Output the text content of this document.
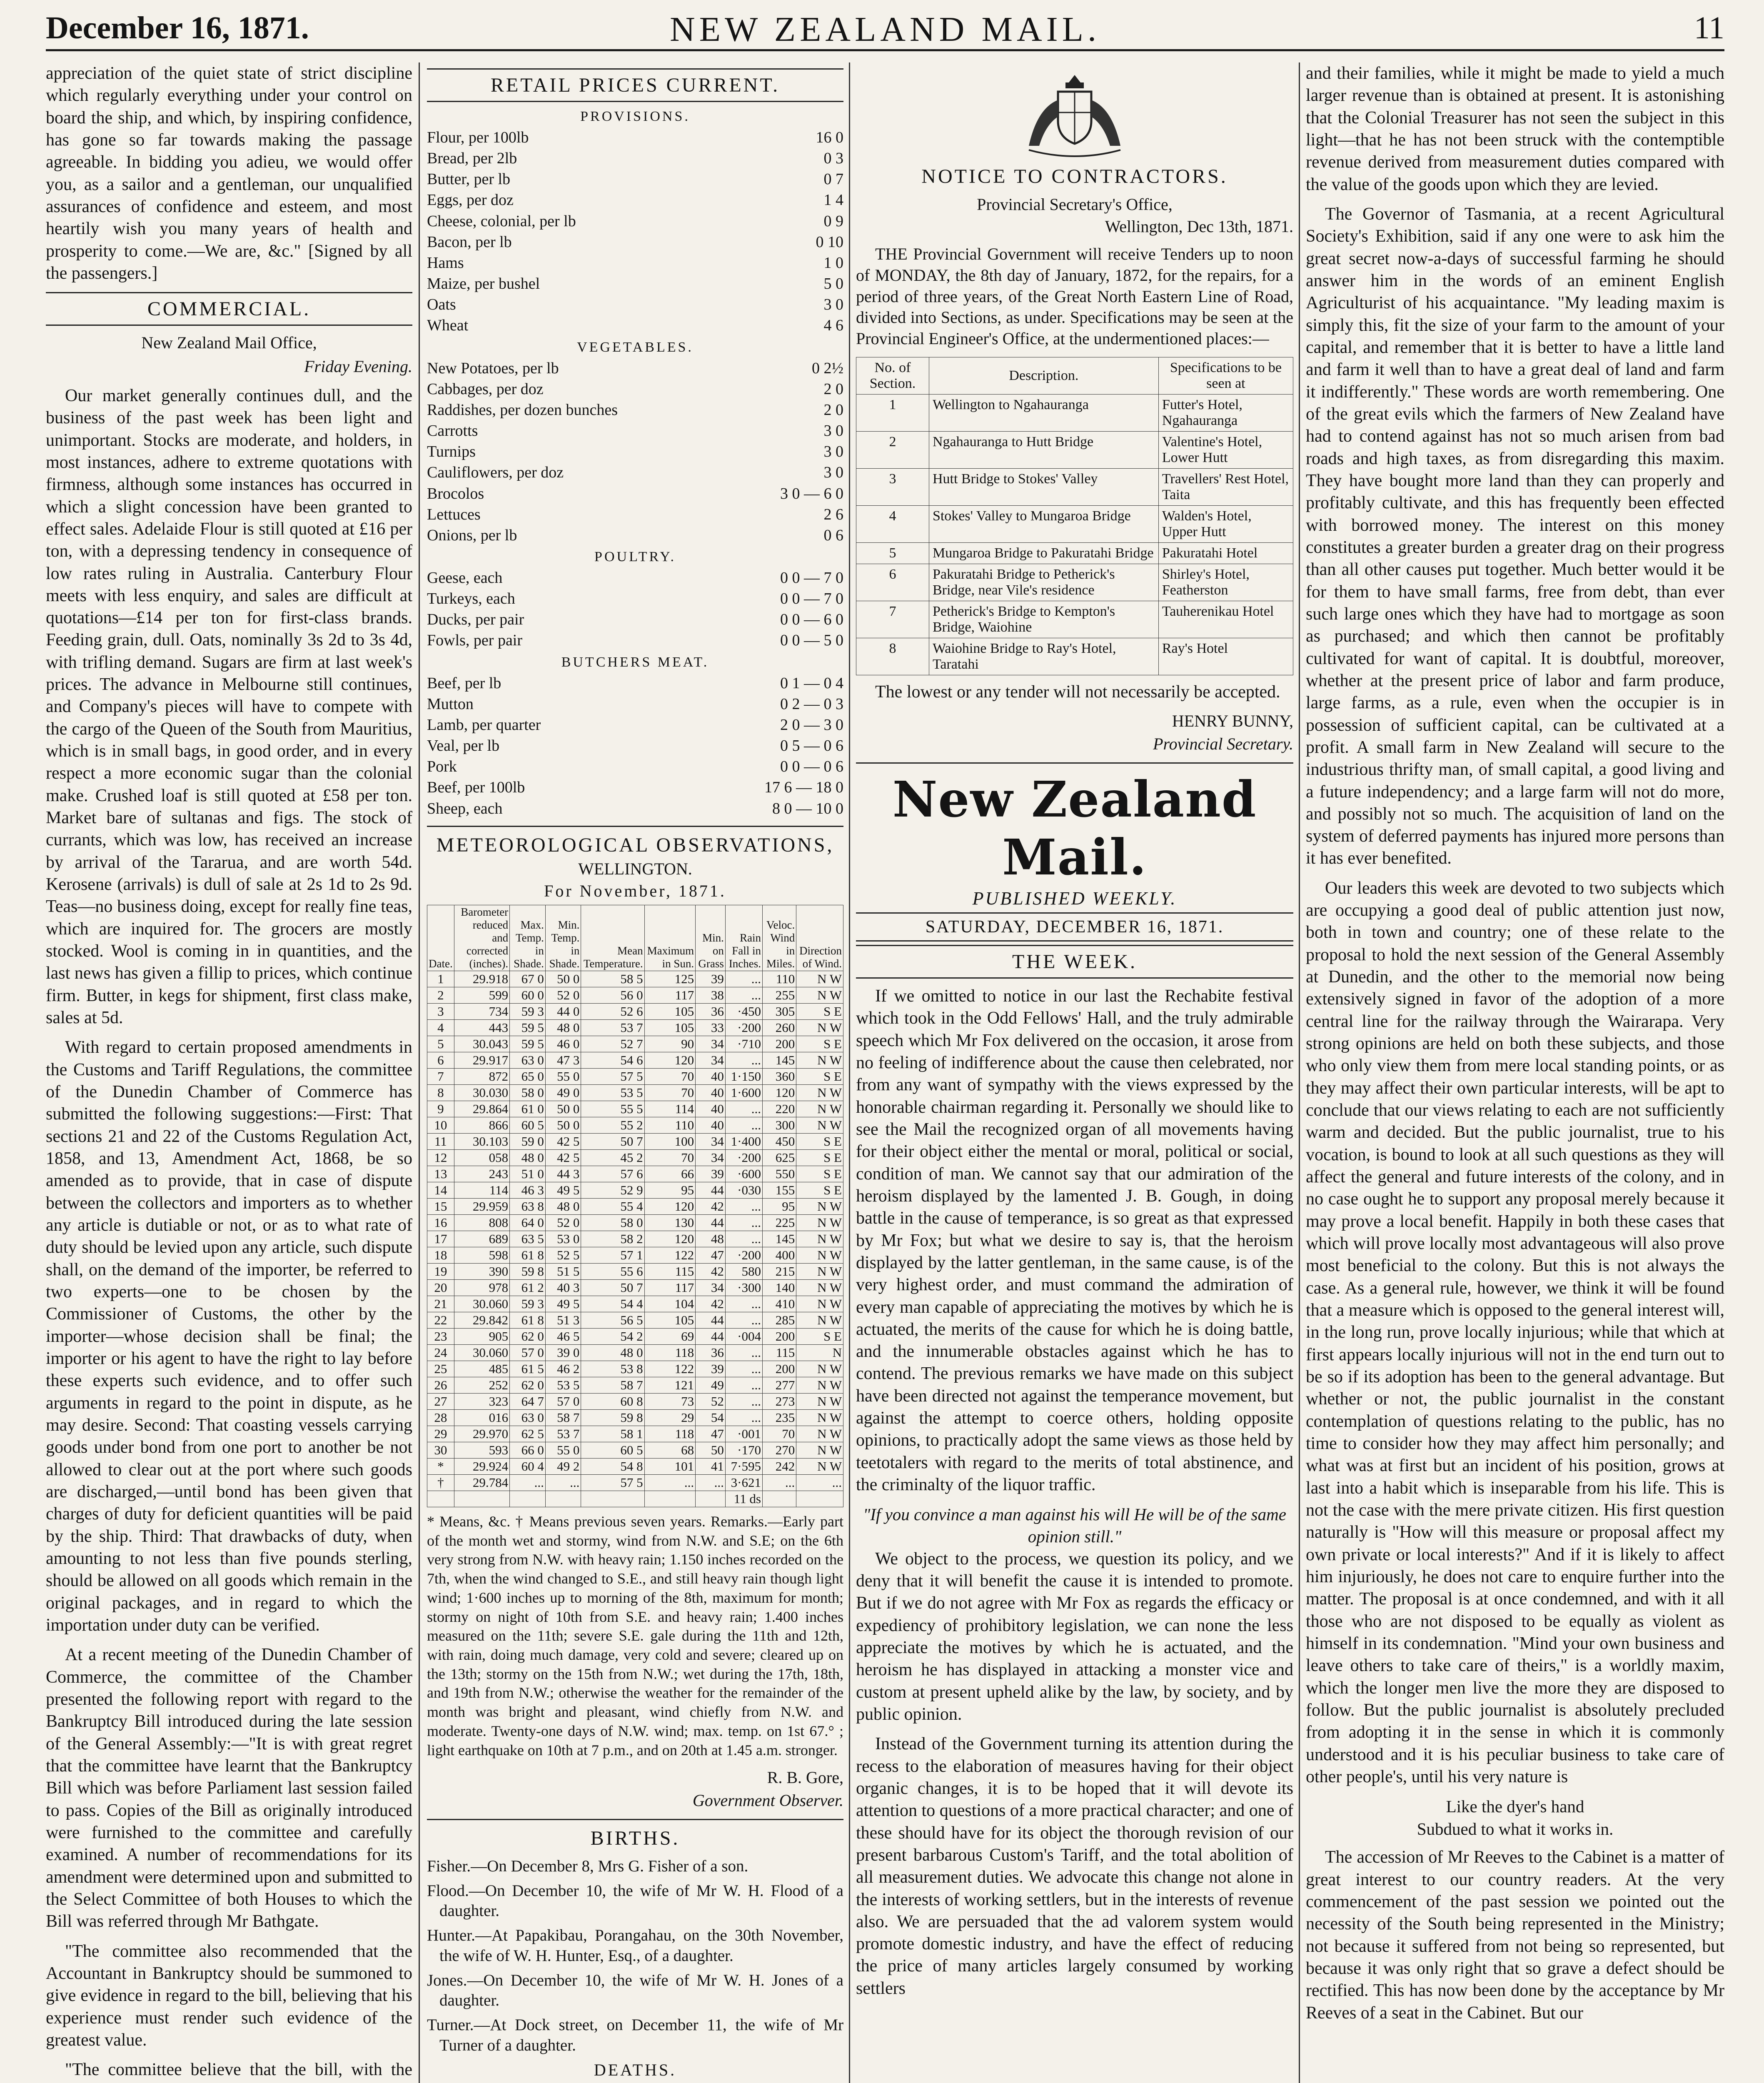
December 16, 1871.	NEW ZEALAND MAIL.	11

appreciation of the quiet state of strict discipline which regularly everything under your control on board the ship, and which, by inspiring confidence, has gone so far towards making the passage agreeable. In bidding you adieu, we would offer you, as a sailor and a gentleman, our unqualified assurances of confidence and esteem, and most heartily wish you many years of health and prosperity to come.—We are, &c." [Signed by all the passengers.]

COMMERCIAL.

New Zealand Mail Office,

Friday Evening.

Our market generally continues dull, and the business of the past week has been light and unimportant. Stocks are moderate, and holders, in most instances, adhere to extreme quotations with firmness, although some instances has occurred in which a slight concession have been granted to effect sales. Adelaide Flour is still quoted at £16 per ton, with a depressing tendency in consequence of low rates ruling in Australia. Canterbury Flour meets with less enquiry, and sales are difficult at quotations—£14 per ton for first-class brands. Feeding grain, dull. Oats, nominally 3s 2d to 3s 4d, with trifling demand. Sugars are firm at last week's prices. The advance in Melbourne still continues, and Company's pieces will have to compete with the cargo of the Queen of the South from Mauritius, which is in small bags, in good order, and in every respect a more economic sugar than the colonial make. Crushed loaf is still quoted at £58 per ton. Market bare of sultanas and figs. The stock of currants, which was low, has received an increase by arrival of the Tararua, and are worth 54d. Kerosene (arrivals) is dull of sale at 2s 1d to 2s 9d. Teas—no business doing, except for really fine teas, which are inquired for. The grocers are mostly stocked. Wool is coming in in quantities, and the last news has given a fillip to prices, which continue firm. Butter, in kegs for shipment, first class make, sales at 5d.

With regard to certain proposed amendments in the Customs and Tariff Regulations, the committee of the Dunedin Chamber of Commerce has submitted the following suggestions:—First: That sections 21 and 22 of the Customs Regulation Act, 1858, and 13, Amendment Act, 1868, be so amended as to provide, that in case of dispute between the collectors and importers as to whether any article is dutiable or not, or as to what rate of duty should be levied upon any article, such dispute shall, on the demand of the importer, be referred to two experts—one to be chosen by the Commissioner of Customs, the other by the importer—whose decision shall be final; the importer or his agent to have the right to lay before these experts such evidence, and to offer such arguments in regard to the point in dispute, as he may desire. Second: That coasting vessels carrying goods under bond from one port to another be not allowed to clear out at the port where such goods are discharged,—until bond has been given that charges of duty for deficient quantities will be paid by the ship. Third: That drawbacks of duty, when amounting to not less than five pounds sterling, should be allowed on all goods which remain in the original packages, and in regard to which the importation under duty can be verified.

At a recent meeting of the Dunedin Chamber of Commerce, the committee of the Chamber presented the following report with regard to the Bankruptcy Bill introduced during the late session of the General Assembly:—"It is with great regret that the committee have learnt that the Bankruptcy Bill which was before Parliament last session failed to pass. Copies of the Bill as originally introduced were furnished to the committee and carefully examined. A number of recommendations for its amendment were determined upon and submitted to the Select Committee of both Houses to which the Bill was referred through Mr Bathgate.

"The committee also recommended that the Accountant in Bankruptcy should be summoned to give evidence in regard to the bill, believing that his experience must render such evidence of the greatest value.

"The committee believe that the bill, with the

RETAIL PRICES CURRENT.
PROVISIONS.
Flour, per 100lb	16 0
Bread, per 2lb	0 3
Butter, per lb	0 7
Eggs, per doz	1 4
Cheese, colonial, per lb	0 9
Bacon, per lb	0 10
Hams	1 0
Maize, per bushel	5 0
Oats	3 0
Wheat	4 6
VEGETABLES.
New Potatoes, per lb	0 2½
Cabbages, per doz	2 0
Raddishes, per dozen bunches	2 0
Carrotts	3 0
Turnips	3 0
Cauliflowers, per doz	3 0
Brocolos	3 0 — 6 0
Lettuces	2 6
Onions, per lb	0 6
POULTRY.
Geese, each	0 0 — 7 0
Turkeys, each	0 0 — 7 0
Ducks, per pair	0 0 — 6 0
Fowls, per pair	0 0 — 5 0
BUTCHERS MEAT.
Beef, per lb	0 1 — 0 4
Mutton	0 2 — 0 3
Lamb, per quarter	2 0 — 3 0
Veal, per lb	0 5 — 0 6
Pork	0 0 — 0 6
Beef, per 100lb	17 6 — 18 0
Sheep, each	8 0 — 10 0
METEOROLOGICAL OBSERVATIONS,
WELLINGTON.
For November, 1871.
Date.	Barometer reduced and corrected (inches).	Max. Temp. in Shade.	Min. Temp. in Shade.	Mean Temperature.	Maximum in Sun.	Min. on Grass	Rain Fall in Inches.	Veloc. Wind in Miles.	Direction of Wind.
1	29.918	67 0	50 0	58 5	125	39	...	110	N W
2	599	60 0	52 0	56 0	117	38	...	255	N W
3	734	59 3	44 0	52 6	105	36	·450	305	S E
4	443	59 5	48 0	53 7	105	33	·200	260	N W
5	30.043	59 5	46 0	52 7	90	34	·710	200	S E
6	29.917	63 0	47 3	54 6	120	34	...	145	N W
7	872	65 0	55 0	57 5	70	40	1·150	360	S E
8	30.030	58 0	49 0	53 5	70	40	1·600	120	N W
9	29.864	61 0	50 0	55 5	114	40	...	220	N W
10	866	60 5	50 0	55 2	110	40	...	300	N W
11	30.103	59 0	42 5	50 7	100	34	1·400	450	S E
12	058	48 0	42 5	45 2	70	34	·200	625	S E
13	243	51 0	44 3	57 6	66	39	·600	550	S E
14	114	46 3	49 5	52 9	95	44	·030	155	S E
15	29.959	63 8	48 0	55 4	120	42	...	95	N W
16	808	64 0	52 0	58 0	130	44	...	225	N W
17	689	63 5	53 0	58 2	120	48	...	145	N W
18	598	61 8	52 5	57 1	122	47	·200	400	N W
19	390	59 8	51 5	55 6	115	42	580	215	N W
20	978	61 2	40 3	50 7	117	34	·300	140	N W
21	30.060	59 3	49 5	54 4	104	42	...	410	N W
22	29.842	61 8	51 3	56 5	105	44	...	285	N W
23	905	62 0	46 5	54 2	69	44	·004	200	S E
24	30.060	57 0	39 0	48 0	118	36	...	115	N
25	485	61 5	46 2	53 8	122	39	...	200	N W
26	252	62 0	53 5	58 7	121	49	...	277	N W
27	323	64 7	57 0	60 8	73	52	...	273	N W
28	016	63 0	58 7	59 8	29	54	...	235	N W
29	29.970	62 5	53 7	58 1	118	47	·001	70	N W
30	593	66 0	55 0	60 5	68	50	·170	270	N W
*	29.924	60 4	49 2	54 8	101	41	7·595	242	N W
†	29.784	...	...	57 5	...	...	3·621	...	...
							11 ds		

* Means, &c. † Means previous seven years. Remarks.—Early part of the month wet and stormy, wind from N.W. and S.E; on the 6th very strong from N.W. with heavy rain; 1.150 inches recorded on the 7th, when the wind changed to S.E., and still heavy rain though light wind; 1·600 inches up to morning of the 8th, maximum for month; stormy on night of 10th from S.E. and heavy rain; 1.400 inches measured on the 11th; severe S.E. gale during the 11th and 12th, with rain, doing much damage, very cold and severe; cleared up on the 13th; stormy on the 15th from N.W.; wet during the 17th, 18th, and 19th from N.W.; otherwise the weather for the remainder of the month was bright and pleasant, wind chiefly from N.W. and moderate. Twenty-one days of N.W. wind; max. temp. on 1st 67.° ; light earthquake on 10th at 7 p.m., and on 20th at 1.45 a.m. stronger.

R. B. Gore,

Government Observer.

BIRTHS.

Fisher.—On December 8, Mrs G. Fisher of a son.

Flood.—On December 10, the wife of Mr W. H. Flood of a daughter.

Hunter.—At Papakibau, Porangahau, on the 30th November, the wife of W. H. Hunter, Esq., of a daughter.

Jones.—On December 10, the wife of Mr W. H. Jones of a daughter.

Turner.—At Dock street, on December 11, the wife of Mr Turner of a daughter.

DEATHS.

NOTICE TO CONTRACTORS.
Provincial Secretary's Office,
Wellington, Dec 13th, 1871.

THE Provincial Government will receive Tenders up to noon of MONDAY, the 8th day of January, 1872, for the repairs, for a period of three years, of the Great North Eastern Line of Road, divided into Sections, as under. Specifications may be seen at the Provincial Engineer's Office, at the undermentioned places:—

No. of Section.	Description.	Specifications to be seen at
1	Wellington to Ngahauranga	Futter's Hotel, Ngahauranga
2	Ngahauranga to Hutt Bridge	Valentine's Hotel, Lower Hutt
3	Hutt Bridge to Stokes' Valley	Travellers' Rest Hotel, Taita
4	Stokes' Valley to Mungaroa Bridge	Walden's Hotel, Upper Hutt
5	Mungaroa Bridge to Pakuratahi Bridge	Pakuratahi Hotel
6	Pakuratahi Bridge to Petherick's Bridge, near Vile's residence	Shirley's Hotel, Featherston
7	Petherick's Bridge to Kempton's Bridge, Waiohine	Tauherenikau Hotel
8	Waiohine Bridge to Ray's Hotel, Taratahi	Ray's Hotel

The lowest or any tender will not necessarily be accepted.

HENRY BUNNY,

Provincial Secretary.

New Zealand Mail.
PUBLISHED WEEKLY.
SATURDAY, DECEMBER 16, 1871.
THE WEEK.

If we omitted to notice in our last the Rechabite festival which took in the Odd Fellows' Hall, and the truly admirable speech which Mr Fox delivered on the occasion, it arose from no feeling of indifference about the cause then celebrated, nor from any want of sympathy with the views expressed by the honorable chairman regarding it. Personally we should like to see the Mail the recognized organ of all movements having for their object either the mental or moral, political or social, condition of man. We cannot say that our admiration of the heroism displayed by the lamented J. B. Gough, in doing battle in the cause of temperance, is so great as that expressed by Mr Fox; but what we desire to say is, that the heroism displayed by the latter gentleman, in the same cause, is of the very highest order, and must command the admiration of every man capable of appreciating the motives by which he is actuated, the merits of the cause for which he is doing battle, and the innumerable obstacles against which he has to contend. The previous remarks we have made on this subject have been directed not against the temperance movement, but against the attempt to coerce others, holding opposite opinions, to practically adopt the same views as those held by teetotalers with regard to the merits of total abstinence, and the criminalty of the liquor traffic.

"If you convince a man against his will He will be of the same opinion still."

We object to the process, we question its policy, and we deny that it will benefit the cause it is intended to promote. But if we do not agree with Mr Fox as regards the efficacy or expediency of prohibitory legislation, we can none the less appreciate the motives by which he is actuated, and the heroism he has displayed in attacking a monster vice and custom at present upheld alike by the law, by society, and by public opinion.

Instead of the Government turning its attention during the recess to the elaboration of measures having for their object organic changes, it is to be hoped that it will devote its attention to questions of a more practical character; and one of these should have for its object the thorough revision of our present barbarous Custom's Tariff, and the total abolition of all measurement duties. We advocate this change not alone in the interests of working settlers, but in the interests of revenue also. We are persuaded that the ad valorem system would promote domestic industry, and have the effect of reducing the price of many articles largely consumed by working settlers

and their families, while it might be made to yield a much larger revenue than is obtained at present. It is astonishing that the Colonial Treasurer has not seen the subject in this light—that he has not been struck with the contemptible revenue derived from measurement duties compared with the value of the goods upon which they are levied.

The Governor of Tasmania, at a recent Agricultural Society's Exhibition, said if any one were to ask him the great secret now-a-days of successful farming he should answer him in the words of an eminent English Agriculturist of his acquaintance. "My leading maxim is simply this, fit the size of your farm to the amount of your capital, and remember that it is better to have a little land and farm it well than to have a great deal of land and farm it indifferently." These words are worth remembering. One of the great evils which the farmers of New Zealand have had to contend against has not so much arisen from bad roads and high taxes, as from disregarding this maxim. They have bought more land than they can properly and profitably cultivate, and this has frequently been effected with borrowed money. The interest on this money constitutes a greater burden a greater drag on their progress than all other causes put together. Much better would it be for them to have small farms, free from debt, than ever such large ones which they have had to mortgage as soon as purchased; and which then cannot be profitably cultivated for want of capital. It is doubtful, moreover, whether at the present price of labor and farm produce, large farms, as a rule, even when the occupier is in possession of sufficient capital, can be cultivated at a profit. A small farm in New Zealand will secure to the industrious thrifty man, of small capital, a good living and a future independency; and a large farm will not do more, and possibly not so much. The acquisition of land on the system of deferred payments has injured more persons than it has ever benefited.

Our leaders this week are devoted to two subjects which are occupying a good deal of public attention just now, both in town and country; one of these relate to the proposal to hold the next session of the General Assembly at Dunedin, and the other to the memorial now being extensively signed in favor of the adoption of a more central line for the railway through the Wairarapa. Very strong opinions are held on both these subjects, and those who only view them from mere local standing points, or as they may affect their own particular interests, will be apt to conclude that our views relating to each are not sufficiently warm and decided. But the public journalist, true to his vocation, is bound to look at all such questions as they will affect the general and future interests of the colony, and in no case ought he to support any proposal merely because it may prove a local benefit. Happily in both these cases that which will prove locally most advantageous will also prove most beneficial to the colony. But this is not always the case. As a general rule, however, we think it will be found that a measure which is opposed to the general interest will, in the long run, prove locally injurious; while that which at first appears locally injurious will not in the end turn out to be so if its adoption has been to the general advantage. But whether or not, the public journalist in the constant contemplation of questions relating to the public, has no time to consider how they may affect him personally; and what was at first but an incident of his position, grows at last into a habit which is inseparable from his life. This is not the case with the mere private citizen. His first question naturally is "How will this measure or proposal affect my own private or local interests?" And if it is likely to affect him injuriously, he does not care to enquire further into the matter. The proposal is at once condemned, and with it all those who are not disposed to be equally as violent as himself in its condemnation. "Mind your own business and leave others to take care of theirs," is a worldly maxim, which the longer men live the more they are disposed to follow. But the public journalist is absolutely precluded from adopting it in the sense in which it is commonly understood and it is his peculiar business to take care of other people's, until his very nature is

Like the dyer's hand

Subdued to what it works in.

The accession of Mr Reeves to the Cabinet is a matter of great interest to our country readers. At the very commencement of the past session we pointed out the necessity of the South being represented in the Ministry; not because it suffered from not being so represented, but because it was only right that so grave a defect should be rectified. This has now been done by the acceptance by Mr Reeves of a seat in the Cabinet. But our
